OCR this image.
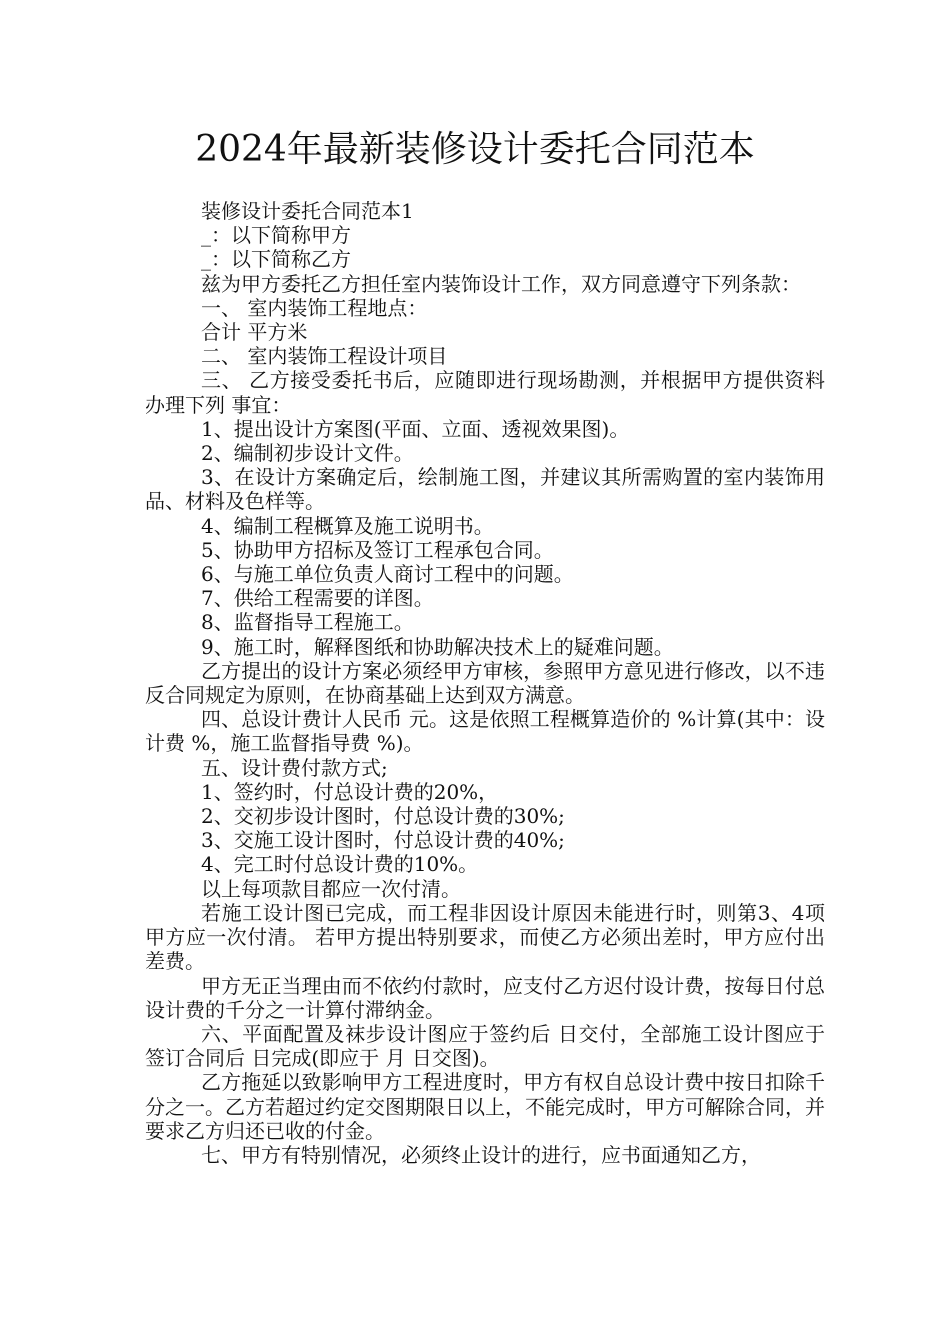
2024年最新装修设计委托合同范本

装修设计委托合同范本1

_：以下简称甲方

_：以下简称乙方

兹为甲方委托乙方担任室内装饰设计工作，双方同意遵守下列条款：

一、 室内装饰工程地点：

合计 平方米

二、 室内装饰工程设计项目

三、 乙方接受委托书后，应随即进行现场勘测，并根据甲方提供资料办理下列 事宜：

1、提出设计方案图(平面、立面、透视效果图)。

2、编制初步设计文件。

3、在设计方案确定后，绘制施工图，并建议其所需购置的室内装饰用品、材料及色样等。

4、编制工程概算及施工说明书。

5、协助甲方招标及签订工程承包合同。

6、与施工单位负责人商讨工程中的问题。

7、供给工程需要的详图。

8、监督指导工程施工。

9、施工时，解释图纸和协助解决技术上的疑难问题。

乙方提出的设计方案必须经甲方审核，参照甲方意见进行修改，以不违反合同规定为原则，在协商基础上达到双方满意。

四、总设计费计人民币 元。这是依照工程概算造价的 %计算(其中：设计费 %，施工监督指导费 %)。

五、设计费付款方式;

1、签约时，付总设计费的20%，

2、交初步设计图时，付总设计费的30%;

3、交施工设计图时，付总设计费的40%;

4、完工时付总设计费的10%。

以上每项款目都应一次付清。

若施工设计图已完成，而工程非因设计原因未能进行时，则第3、4项甲方应一次付清。 若甲方提出特别要求，而使乙方必须出差时，甲方应付出差费。

甲方无正当理由而不依约付款时，应支付乙方迟付设计费，按每日付总设计费的千分之一计算付滞纳金。

六、平面配置及袜步设计图应于签约后 日交付，全部施工设计图应于签订合同后 日完成(即应于 月 日交图)。

乙方拖延以致影响甲方工程进度时，甲方有权自总设计费中按日扣除千分之一。乙方若超过约定交图期限日以上，不能完成时，甲方可解除合同，并要求乙方归还已收的付金。

七、甲方有特别情况，必须终止设计的进行，应书面通知乙方，
